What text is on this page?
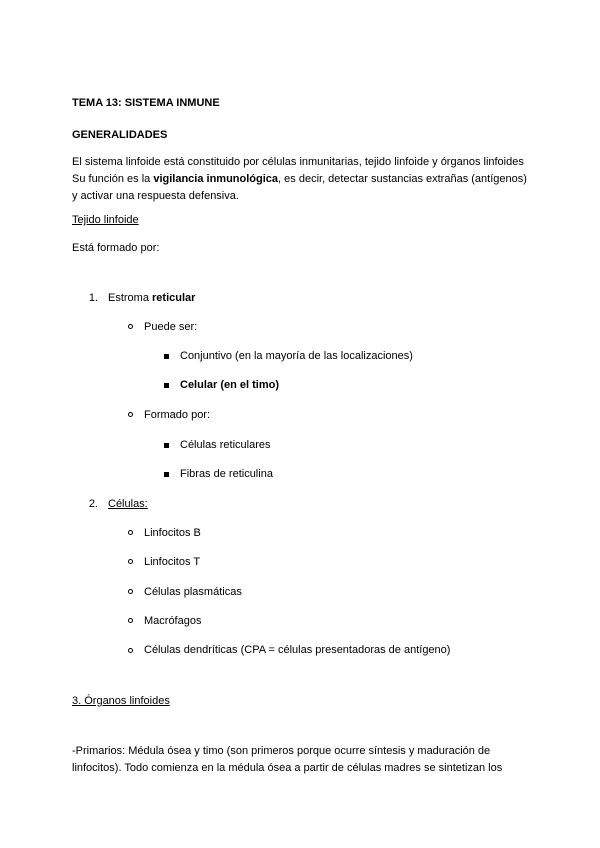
TEMA 13: SISTEMA INMUNE
GENERALIDADES
El sistema linfoide está constituido por células inmunitarias, tejido linfoide y órganos linfoides Su función es la vigilancia inmunológica, es decir, detectar sustancias extrañas (antígenos) y activar una respuesta defensiva.
Tejido linfoide
Está formado por:
1. Estroma reticular
Puede ser:
Conjuntivo (en la mayoría de las localizaciones)
Celular (en el timo)
Formado por:
Células reticulares
Fibras de reticulina
2. Células:
Linfocitos B
Linfocitos T
Células plasmáticas
Macrófagos
Células dendríticas (CPA = células presentadoras de antígeno)
3. Órganos linfoides
-Primarios: Médula ósea y timo (son primeros porque ocurre síntesis y maduración de linfocitos). Todo comienza en la médula ósea a partir de células madres se sintetizan los
